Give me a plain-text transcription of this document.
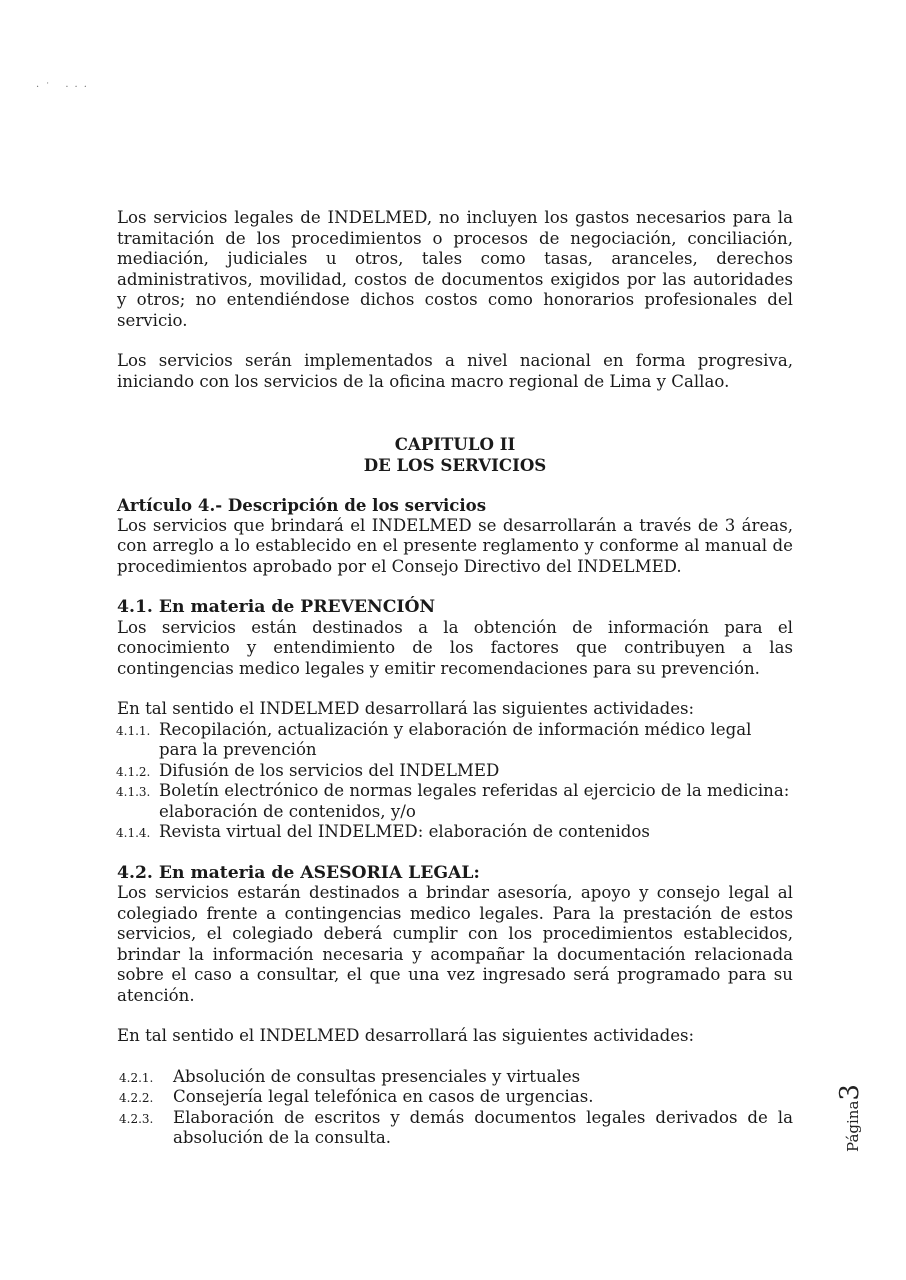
·˙ ···

Los servicios legales de INDELMED, no incluyen los gastos necesarios para la tramitación de los procedimientos o procesos de negociación, conciliación, mediación, judiciales u otros, tales como tasas, aranceles, derechos administrativos, movilidad, costos de documentos exigidos por las autoridades y otros; no entendiéndose dichos costos como honorarios profesionales del servicio.

Los servicios serán implementados a nivel nacional en forma progresiva, iniciando con los servicios de la oficina macro regional de Lima y Callao.

CAPITULO II

DE LOS SERVICIOS

Artículo 4.- Descripción de los servicios

Los servicios que brindará el INDELMED se desarrollarán a través de 3 áreas, con arreglo a lo establecido en el presente reglamento y conforme al manual de procedimientos aprobado por el Consejo Directivo del INDELMED.

4.1. En materia de PREVENCIÓN

Los servicios están destinados a la obtención de información para el conocimiento y entendimiento de los factores que contribuyen a las contingencias medico legales y emitir recomendaciones para su prevención.

En tal sentido el INDELMED desarrollará las siguientes actividades:

4.1.1. Recopilación, actualización y elaboración de información médico legal para la prevención
4.1.2. Difusión de los servicios del INDELMED
4.1.3. Boletín electrónico de normas legales referidas al ejercicio de la medicina: elaboración de contenidos, y/o
4.1.4. Revista virtual del INDELMED: elaboración de contenidos

4.2. En materia de ASESORIA LEGAL:

Los servicios estarán destinados a brindar asesoría, apoyo y consejo legal al colegiado frente a contingencias medico legales. Para la prestación de estos servicios, el colegiado deberá cumplir con los procedimientos establecidos, brindar la información necesaria y acompañar la documentación relacionada sobre el caso a consultar, el que una vez ingresado será programado para su atención.

En tal sentido el INDELMED desarrollará las siguientes actividades:

4.2.1. Absolución de consultas presenciales y virtuales
4.2.2. Consejería legal telefónica en casos de urgencias.
4.2.3. Elaboración de escritos y demás documentos legales derivados de la absolución de la consulta.	Página3
